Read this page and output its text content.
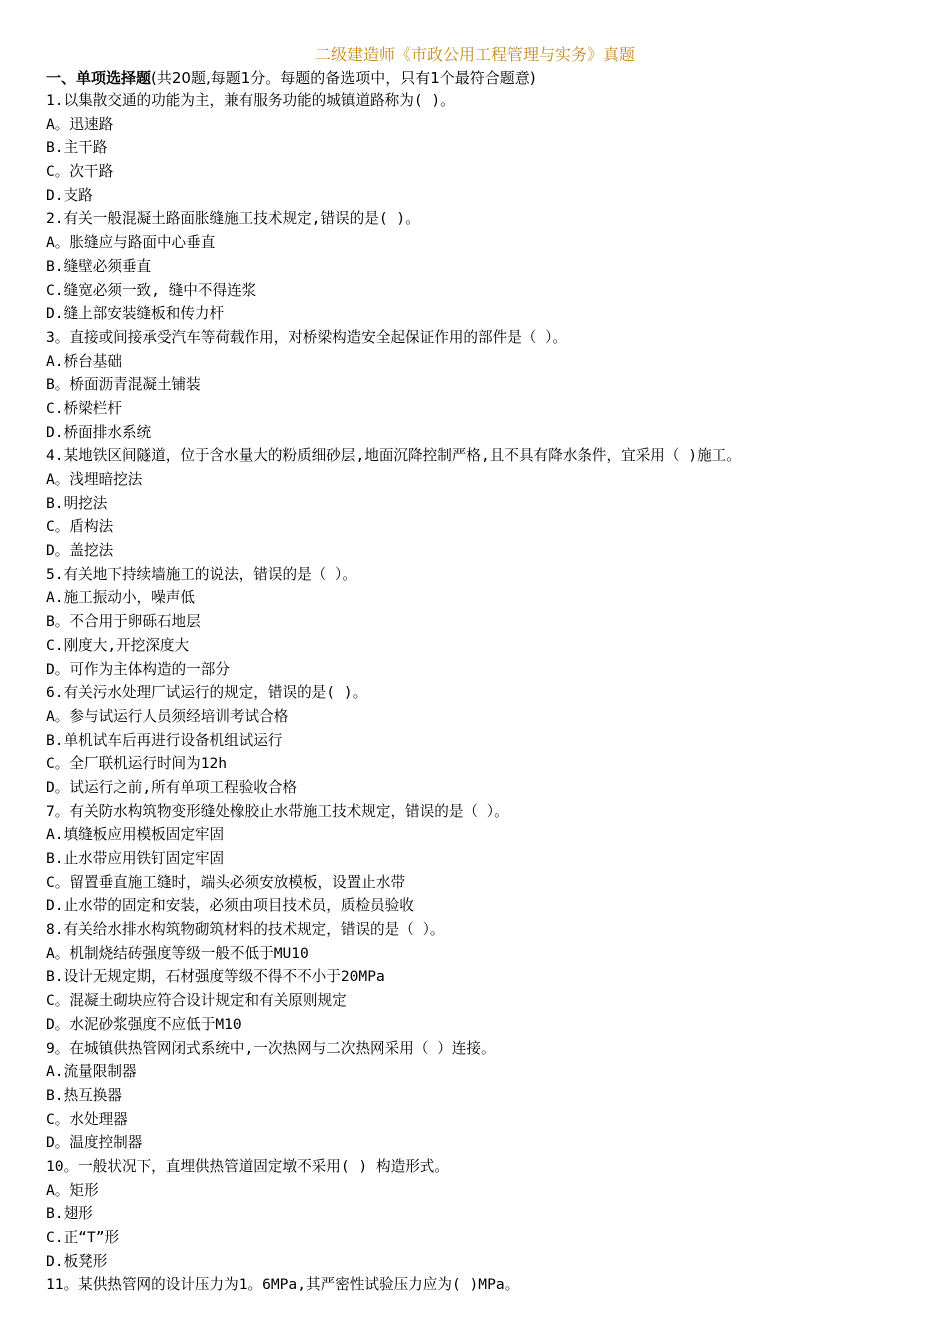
二级建造师《市政公用工程管理与实务》真题
一、单项选择题(共20题,每题1分。每题的备选项中，只有1个最符合题意)
1.以集散交通的功能为主，兼有服务功能的城镇道路称为( )。
A。迅速路
B.主干路
C。次干路
D.支路
2.有关一般混凝土路面胀缝施工技术规定,错误的是( )。
A。胀缝应与路面中心垂直
B.缝壁必须垂直
C.缝宽必须一致, 缝中不得连浆
D.缝上部安装缝板和传力杆
3。直接或间接承受汽车等荷载作用，对桥梁构造安全起保证作用的部件是（ ）。
A.桥台基础
B。桥面沥青混凝土铺装
C.桥梁栏杆
D.桥面排水系统
4.某地铁区间隧道，位于含水量大的粉质细砂层,地面沉降控制严格,且不具有降水条件，宜采用（ )施工。
A。浅埋暗挖法
B.明挖法
C。盾构法
D。盖挖法
5.有关地下持续墙施工的说法，错误的是（ ）。
A.施工振动小，噪声低
B。不合用于卵砾石地层
C.刚度大,开挖深度大
D。可作为主体构造的一部分
6.有关污水处理厂试运行的规定，错误的是( )。
A。参与试运行人员须经培训考试合格
B.单机试车后再进行设备机组试运行
C。全厂联机运行时间为12h
D。试运行之前,所有单项工程验收合格
7。有关防水构筑物变形缝处橡胶止水带施工技术规定，错误的是（ ）。
A.填缝板应用模板固定牢固
B.止水带应用铁钉固定牢固
C。留置垂直施工缝时，端头必须安放模板，设置止水带
D.止水带的固定和安装，必须由项目技术员，质检员验收
8.有关给水排水构筑物砌筑材料的技术规定，错误的是（ ）。
A。机制烧结砖强度等级一般不低于MU10
B.设计无规定期，石材强度等级不得不不小于20MPa
C。混凝土砌块应符合设计规定和有关原则规定
D。水泥砂浆强度不应低于M10
9。在城镇供热管网闭式系统中,一次热网与二次热网采用（ ）连接。
A.流量限制器
B.热互换器
C。水处理器
D。温度控制器
10。一般状况下，直埋供热管道固定墩不采用( ) 构造形式。
A。矩形
B.翅形
C.正“T”形
D.板凳形
11。某供热管网的设计压力为1。6MPa,其严密性试验压力应为( )MPa。
